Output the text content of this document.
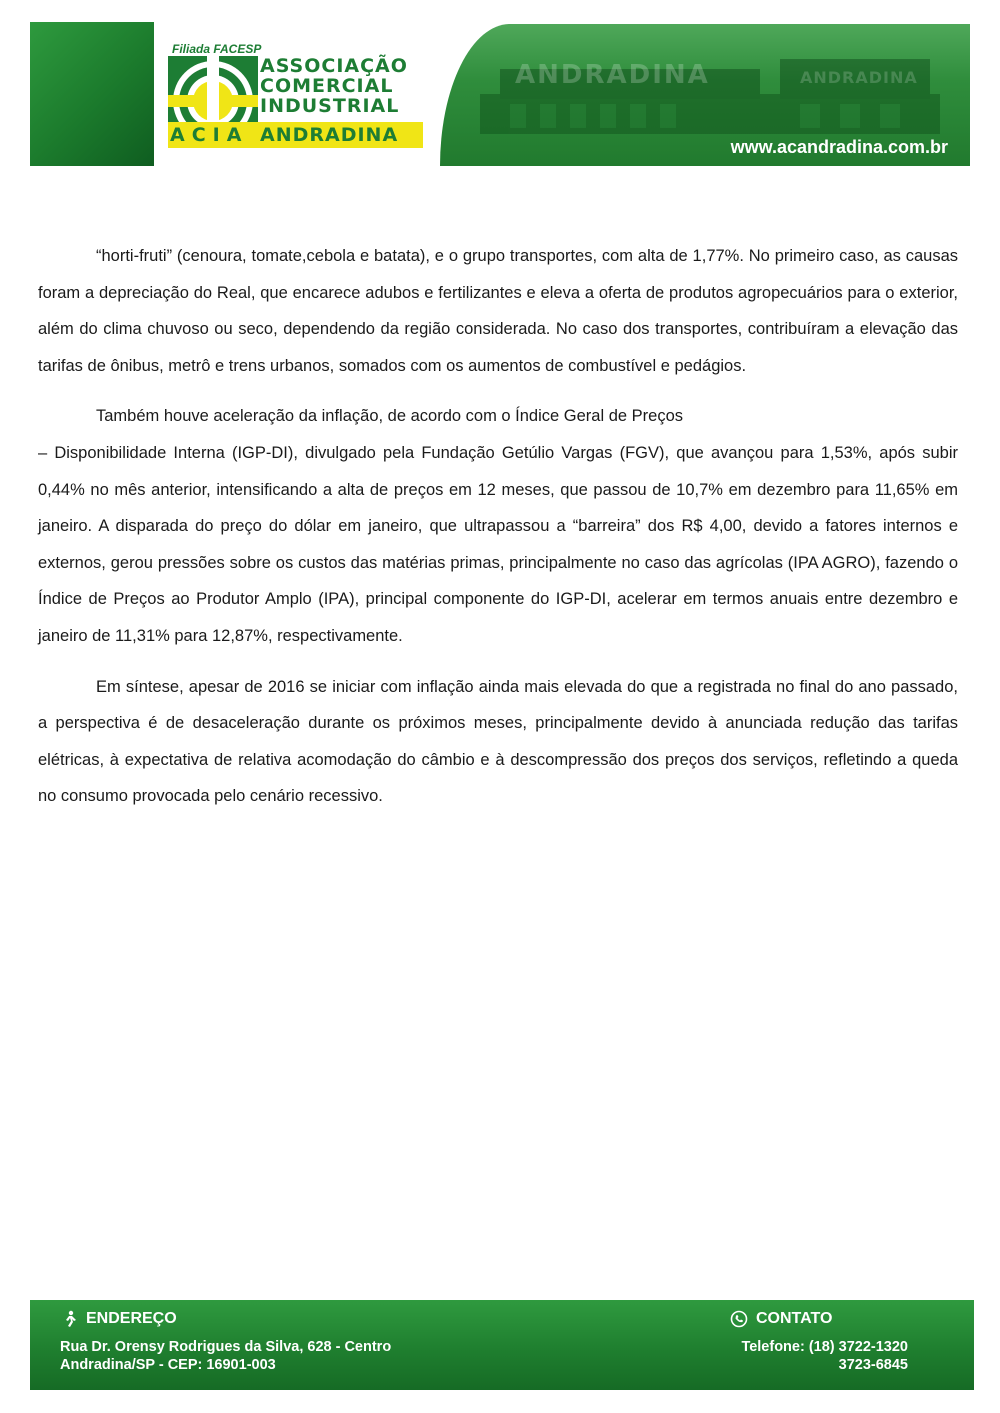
Filiada FACESP
ASSOCIAÇÃO
COMERCIAL
INDUSTRIAL
ACIA ANDRADINA
ANDRADINA	ANDRADINA
www.acandradina.com.br

“horti-fruti” (cenoura, tomate,cebola e batata), e o grupo transportes, com alta de 1,77%. No primeiro caso, as causas foram a depreciação do Real, que encarece adubos e fertilizantes e eleva a oferta de produtos agropecuários para o exterior, além do clima chuvoso ou seco, dependendo da região considerada. No caso dos transportes, contribuíram a elevação das tarifas de ônibus, metrô e trens urbanos, somados com os aumentos de combustível e pedágios.

Também houve aceleração da inflação, de acordo com o Índice Geral de Preços
– Disponibilidade Interna (IGP-DI), divulgado pela Fundação Getúlio Vargas (FGV), que avançou para 1,53%, após subir 0,44% no mês anterior, intensificando a alta de preços em 12 meses, que passou de 10,7% em dezembro para 11,65% em janeiro. A disparada do preço do dólar em janeiro, que ultrapassou a “barreira” dos R$ 4,00, devido a fatores internos e externos, gerou pressões sobre os custos das matérias primas, principalmente no caso das agrícolas (IPA AGRO), fazendo o Índice de Preços ao Produtor Amplo (IPA), principal componente do IGP-DI, acelerar em termos anuais entre dezembro e janeiro de 11,31% para 12,87%, respectivamente.

Em síntese, apesar de 2016 se iniciar com inflação ainda mais elevada do que a registrada no final do ano passado, a perspectiva é de desaceleração durante os próximos meses, principalmente devido à anunciada redução das tarifas elétricas, à expectativa de relativa acomodação do câmbio e à descompressão dos preços dos serviços, refletindo a queda no consumo provocada pelo cenário recessivo.

ENDEREÇO
Rua Dr. Orensy Rodrigues da Silva, 628 - Centro
Andradina/SP - CEP: 16901-003
CONTATO
Telefone: (18) 3722-1320
3723-6845
